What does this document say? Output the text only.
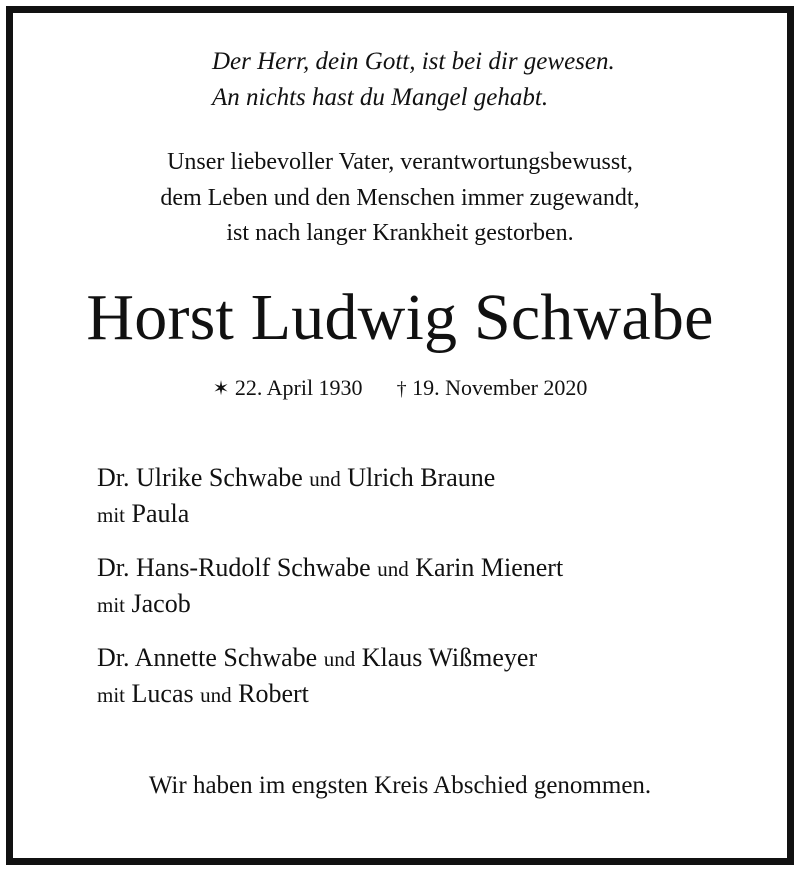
Der Herr, dein Gott, ist bei dir gewesen.
An nichts hast du Mangel gehabt.
Unser liebevoller Vater, verantwortungsbewusst,
dem Leben und den Menschen immer zugewandt,
ist nach langer Krankheit gestorben.
Horst Ludwig Schwabe
✶ 22. April 1930 † 19. November 2020
Dr. Ulrike Schwabe und Ulrich Braune
mit Paula
Dr. Hans-Rudolf Schwabe und Karin Mienert
mit Jacob
Dr. Annette Schwabe und Klaus Wißmeyer
mit Lucas und Robert
Wir haben im engsten Kreis Abschied genommen.
